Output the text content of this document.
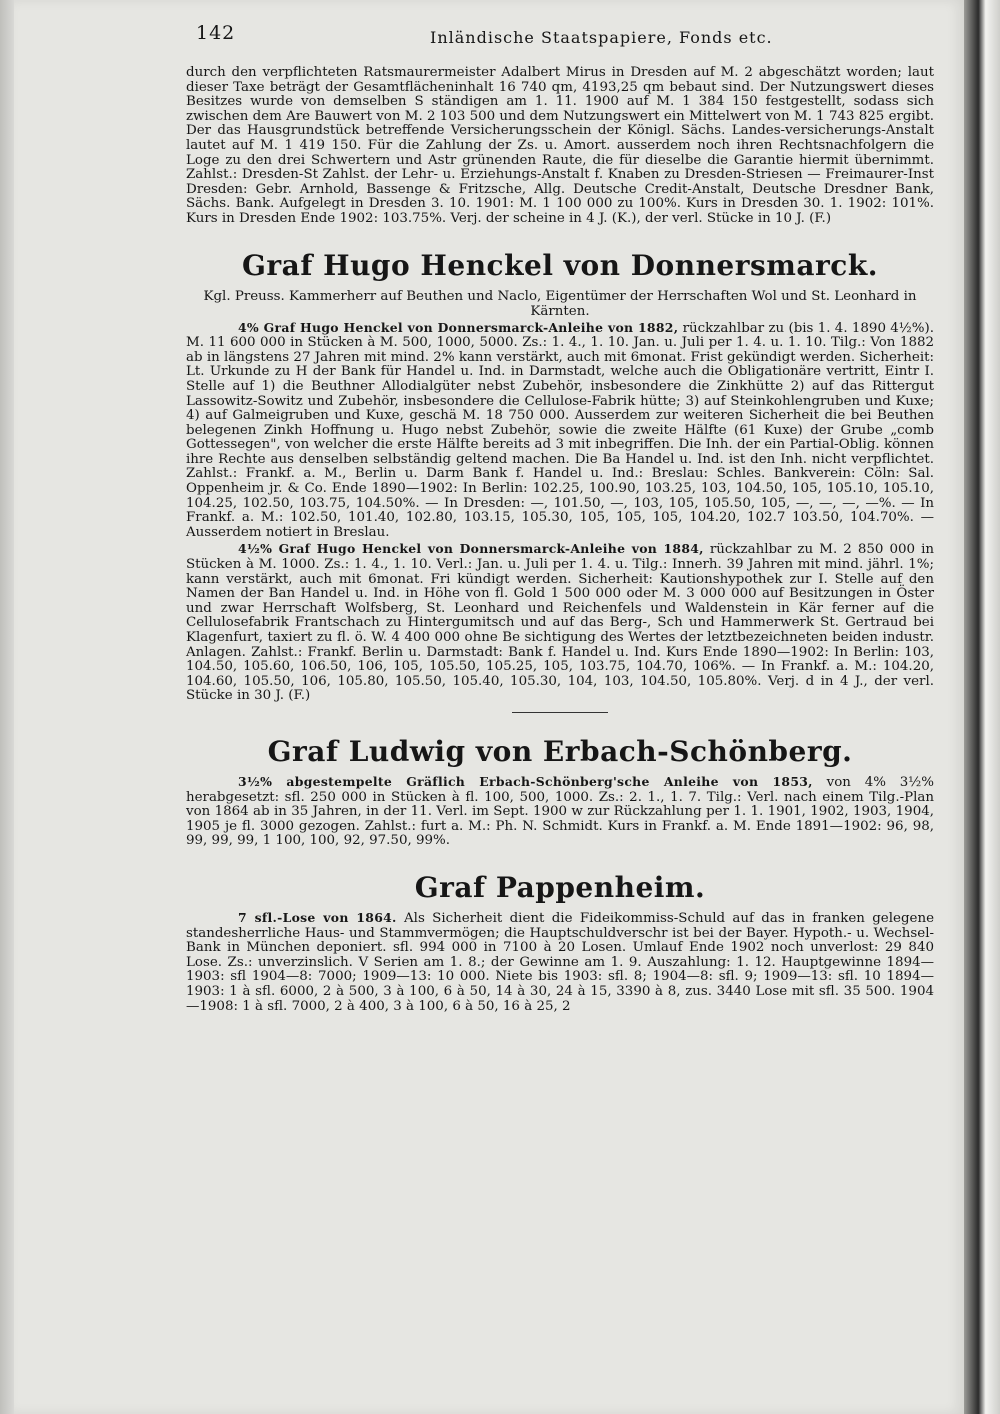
142	Inländische Staatspapiere, Fonds etc.

durch den verpflichteten Ratsmaurermeister Adalbert Mirus in Dresden auf M. 2 abgeschätzt worden; laut dieser Taxe beträgt der Gesamtflächeninhalt 16 740 qm, 4193,25 qm bebaut sind. Der Nutzungswert dieses Besitzes wurde von demselben S ständigen am 1. 11. 1900 auf M. 1 384 150 festgestellt, sodass sich zwischen dem Are Bauwert von M. 2 103 500 und dem Nutzungswert ein Mittelwert von M. 1 743 825 ergibt. Der das Hausgrundstück betreffende Versicherungsschein der Königl. Sächs. Landes-versicherungs-Anstalt lautet auf M. 1 419 150. Für die Zahlung der Zs. u. Amort. ausserdem noch ihren Rechtsnachfolgern die Loge zu den drei Schwertern und Astr grünenden Raute, die für dieselbe die Garantie hiermit übernimmt. Zahlst.: Dresden-St Zahlst. der Lehr- u. Erziehungs-Anstalt f. Knaben zu Dresden-Striesen — Freimaurer-Inst Dresden: Gebr. Arnhold, Bassenge & Fritzsche, Allg. Deutsche Credit-Anstalt, Deutsche Dresdner Bank, Sächs. Bank. Aufgelegt in Dresden 3. 10. 1901: M. 1 100 000 zu 100%. Kurs in Dresden 30. 1. 1902: 101%. Kurs in Dresden Ende 1902: 103.75%. Verj. der scheine in 4 J. (K.), der verl. Stücke in 10 J. (F.)

Graf Hugo Henckel von Donnersmarck.

Kgl. Preuss. Kammerherr auf Beuthen und Naclo, Eigentümer der Herrschaften Wol und St. Leonhard in Kärnten.

4% Graf Hugo Henckel von Donnersmarck-Anleihe von 1882, rückzahlbar zu (bis 1. 4. 1890 4½%). M. 11 600 000 in Stücken à M. 500, 1000, 5000. Zs.: 1. 4., 1. 10. Jan. u. Juli per 1. 4. u. 1. 10. Tilg.: Von 1882 ab in längstens 27 Jahren mit mind. 2% kann verstärkt, auch mit 6monat. Frist gekündigt werden. Sicherheit: Lt. Urkunde zu H der Bank für Handel u. Ind. in Darmstadt, welche auch die Obligationäre vertritt, Eintr I. Stelle auf 1) die Beuthner Allodialgüter nebst Zubehör, insbesondere die Zinkhütte 2) auf das Rittergut Lassowitz-Sowitz und Zubehör, insbesondere die Cellulose-Fabrik hütte; 3) auf Steinkohlengruben und Kuxe; 4) auf Galmeigruben und Kuxe, geschä M. 18 750 000. Ausserdem zur weiteren Sicherheit die bei Beuthen belegenen Zinkh Hoffnung u. Hugo nebst Zubehör, sowie die zweite Hälfte (61 Kuxe) der Grube „comb Gottessegen", von welcher die erste Hälfte bereits ad 3 mit inbegriffen. Die Inh. der ein Partial-Oblig. können ihre Rechte aus denselben selbständig geltend machen. Die Ba Handel u. Ind. ist den Inh. nicht verpflichtet. Zahlst.: Frankf. a. M., Berlin u. Darm Bank f. Handel u. Ind.: Breslau: Schles. Bankverein: Cöln: Sal. Oppenheim jr. & Co. Ende 1890—1902: In Berlin: 102.25, 100.90, 103.25, 103, 104.50, 105, 105.10, 105.10, 104.25, 102.50, 103.75, 104.50%. — In Dresden: —, 101.50, —, 103, 105, 105.50, 105, —, —, —, —%. — In Frankf. a. M.: 102.50, 101.40, 102.80, 103.15, 105.30, 105, 105, 105, 104.20, 102.7 103.50, 104.70%. — Ausserdem notiert in Breslau.

4½% Graf Hugo Henckel von Donnersmarck-Anleihe von 1884, rückzahlbar zu M. 2 850 000 in Stücken à M. 1000. Zs.: 1. 4., 1. 10. Verl.: Jan. u. Juli per 1. 4. u. Tilg.: Innerh. 39 Jahren mit mind. jährl. 1%; kann verstärkt, auch mit 6monat. Fri kündigt werden. Sicherheit: Kautionshypothek zur I. Stelle auf den Namen der Ban Handel u. Ind. in Höhe von fl. Gold 1 500 000 oder M. 3 000 000 auf Besitzungen in Öster und zwar Herrschaft Wolfsberg, St. Leonhard und Reichenfels und Waldenstein in Kär ferner auf die Cellulosefabrik Frantschach zu Hintergumitsch und auf das Berg-, Sch und Hammerwerk St. Gertraud bei Klagenfurt, taxiert zu fl. ö. W. 4 400 000 ohne Be sichtigung des Wertes der letztbezeichneten beiden industr. Anlagen. Zahlst.: Frankf. Berlin u. Darmstadt: Bank f. Handel u. Ind. Kurs Ende 1890—1902: In Berlin: 103, 104.50, 105.60, 106.50, 106, 105, 105.50, 105.25, 105, 103.75, 104.70, 106%. — In Frankf. a. M.: 104.20, 104.60, 105.50, 106, 105.80, 105.50, 105.40, 105.30, 104, 103, 104.50, 105.80%. Verj. d in 4 J., der verl. Stücke in 30 J. (F.)

Graf Ludwig von Erbach-Schönberg.

3½% abgestempelte Gräflich Erbach-Schönberg'sche Anleihe von 1853, von 4% 3½% herabgesetzt: sfl. 250 000 in Stücken à fl. 100, 500, 1000. Zs.: 2. 1., 1. 7. Tilg.: Verl. nach einem Tilg.-Plan von 1864 ab in 35 Jahren, in der 11. Verl. im Sept. 1900 w zur Rückzahlung per 1. 1. 1901, 1902, 1903, 1904, 1905 je fl. 3000 gezogen. Zahlst.: furt a. M.: Ph. N. Schmidt. Kurs in Frankf. a. M. Ende 1891—1902: 96, 98, 99, 99, 99, 1 100, 100, 92, 97.50, 99%.

Graf Pappenheim.

7 sfl.-Lose von 1864. Als Sicherheit dient die Fideikommiss-Schuld auf das in franken gelegene standesherrliche Haus- und Stammvermögen; die Hauptschuldverschr ist bei der Bayer. Hypoth.- u. Wechsel-Bank in München deponiert. sfl. 994 000 in 7100 à 20 Losen. Umlauf Ende 1902 noch unverlost: 29 840 Lose. Zs.: unverzinslich. V Serien am 1. 8.; der Gewinne am 1. 9. Auszahlung: 1. 12. Hauptgewinne 1894—1903: sfl 1904—8: 7000; 1909—13: 10 000. Niete bis 1903: sfl. 8; 1904—8: sfl. 9; 1909—13: sfl. 10 1894—1903: 1 à sfl. 6000, 2 à 500, 3 à 100, 6 à 50, 14 à 30, 24 à 15, 3390 à 8, zus. 3440 Lose mit sfl. 35 500. 1904—1908: 1 à sfl. 7000, 2 à 400, 3 à 100, 6 à 50, 16 à 25, 2
